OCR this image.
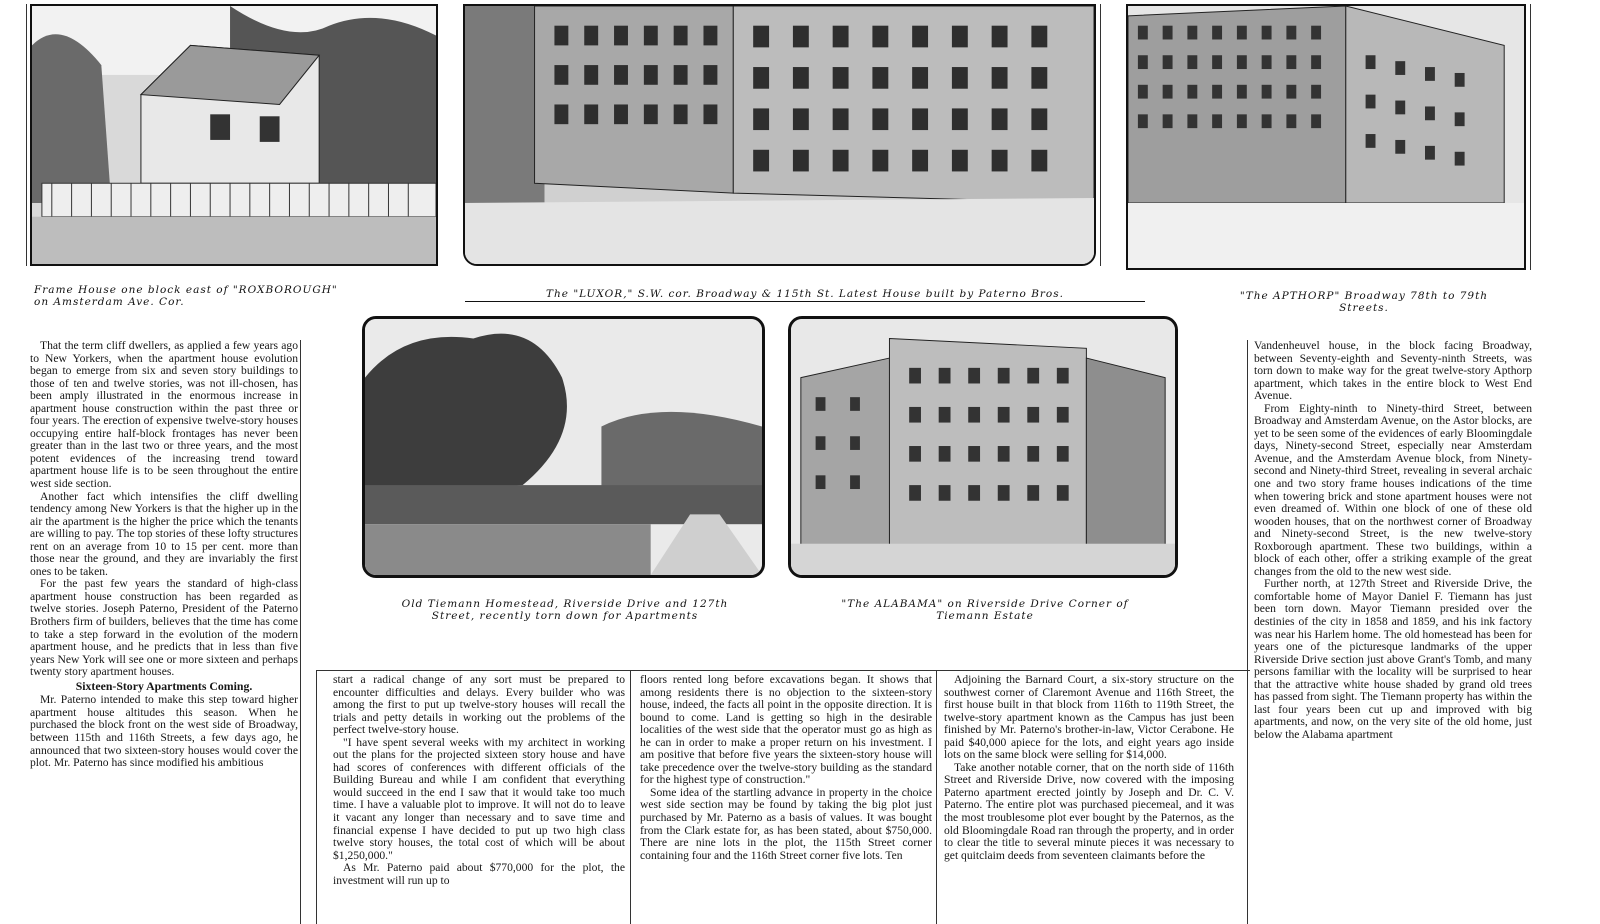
Frame House one block east of "ROXBOROUGH" on Amsterdam Ave. Cor.
The "LUXOR," S.W. cor. Broadway & 115th St. Latest House built by Paterno Bros.	"The APTHORP" Broadway 78th to 79th Streets.
Old Tiemann Homestead, Riverside Drive and 127th Street, recently torn down for Apartments
"The ALABAMA" on Riverside Drive Corner of Tiemann Estate

That the term cliff dwellers, as applied a few years ago to New Yorkers, when the apartment house evolution began to emerge from six and seven story buildings to those of ten and twelve stories, was not ill-chosen, has been amply illustrated in the enormous increase in apartment house construction within the past three or four years. The erection of expensive twelve-story houses occupying entire half-block frontages has never been greater than in the last two or three years, and the most potent evidences of the increasing trend toward apartment house life is to be seen throughout the entire west side section.

Another fact which intensifies the cliff dwelling tendency among New Yorkers is that the higher up in the air the apartment is the higher the price which the tenants are willing to pay. The top stories of these lofty structures rent on an average from 10 to 15 per cent. more than those near the ground, and they are invariably the first ones to be taken.

For the past few years the standard of high-class apartment house construction has been regarded as twelve stories. Joseph Paterno, President of the Paterno Brothers firm of builders, believes that the time has come to take a step forward in the evolution of the modern apartment house, and he predicts that in less than five years New York will see one or more sixteen and perhaps twenty story apartment houses.

Sixteen-Story Apartments Coming.

Mr. Paterno intended to make this step toward higher apartment house altitudes this season. When he purchased the block front on the west side of Broadway, between 115th and 116th Streets, a few days ago, he announced that two sixteen-story houses would cover the plot. Mr. Paterno has since modified his ambitious

start a radical change of any sort must be prepared to encounter difficulties and delays. Every builder who was among the first to put up twelve-story houses will recall the trials and petty details in working out the problems of the perfect twelve-story house.

"I have spent several weeks with my architect in working out the plans for the projected sixteen story house and have had scores of conferences with different officials of the Building Bureau and while I am confident that everything would succeed in the end I saw that it would take too much time. I have a valuable plot to improve. It will not do to leave it vacant any longer than necessary and to save time and financial expense I have decided to put up two high class twelve story houses, the total cost of which will be about $1,250,000."

As Mr. Paterno paid about $770,000 for the plot, the investment will run up to

floors rented long before excavations began. It shows that among residents there is no objection to the sixteen-story house, indeed, the facts all point in the opposite direction. It is bound to come. Land is getting so high in the desirable localities of the west side that the operator must go as high as he can in order to make a proper return on his investment. I am positive that before five years the sixteen-story house will take precedence over the twelve-story building as the standard for the highest type of construction."

Some idea of the startling advance in property in the choice west side section may be found by taking the big plot just purchased by Mr. Paterno as a basis of values. It was bought from the Clark estate for, as has been stated, about $750,000. There are nine lots in the plot, the 115th Street corner containing four and the 116th Street corner five lots. Ten

Adjoining the Barnard Court, a six-story structure on the southwest corner of Claremont Avenue and 116th Street, the first house built in that block from 116th to 119th Street, the twelve-story apartment known as the Campus has just been finished by Mr. Paterno's brother-in-law, Victor Cerabone. He paid $40,000 apiece for the lots, and eight years ago inside lots on the same block were selling for $14,000.

Take another notable corner, that on the north side of 116th Street and Riverside Drive, now covered with the imposing Paterno apartment erected jointly by Joseph and Dr. C. V. Paterno. The entire plot was purchased piecemeal, and it was the most troublesome plot ever bought by the Paternos, as the old Bloomingdale Road ran through the property, and in order to clear the title to several minute pieces it was necessary to get quitclaim deeds from seventeen claimants before the

Vandenheuvel house, in the block facing Broadway, between Seventy-eighth and Seventy-ninth Streets, was torn down to make way for the great twelve-story Apthorp apartment, which takes in the entire block to West End Avenue.

From Eighty-ninth to Ninety-third Street, between Broadway and Amsterdam Avenue, on the Astor blocks, are yet to be seen some of the evidences of early Bloomingdale days, Ninety-second Street, especially near Amsterdam Avenue, and the Amsterdam Avenue block, from Ninety-second and Ninety-third Street, revealing in several archaic one and two story frame houses indications of the time when towering brick and stone apartment houses were not even dreamed of. Within one block of one of these old wooden houses, that on the northwest corner of Broadway and Ninety-second Street, is the new twelve-story Roxborough apartment. These two buildings, within a block of each other, offer a striking example of the great changes from the old to the new west side.

Further north, at 127th Street and Riverside Drive, the comfortable home of Mayor Daniel F. Tiemann has just been torn down. Mayor Tiemann presided over the destinies of the city in 1858 and 1859, and his ink factory was near his Harlem home. The old homestead has been for years one of the picturesque landmarks of the upper Riverside Drive section just above Grant's Tomb, and many persons familiar with the locality will be surprised to hear that the attractive white house shaded by grand old trees has passed from sight. The Tiemann property has within the last four years been cut up and improved with big apartments, and now, on the very site of the old home, just below the Alabama apartment
